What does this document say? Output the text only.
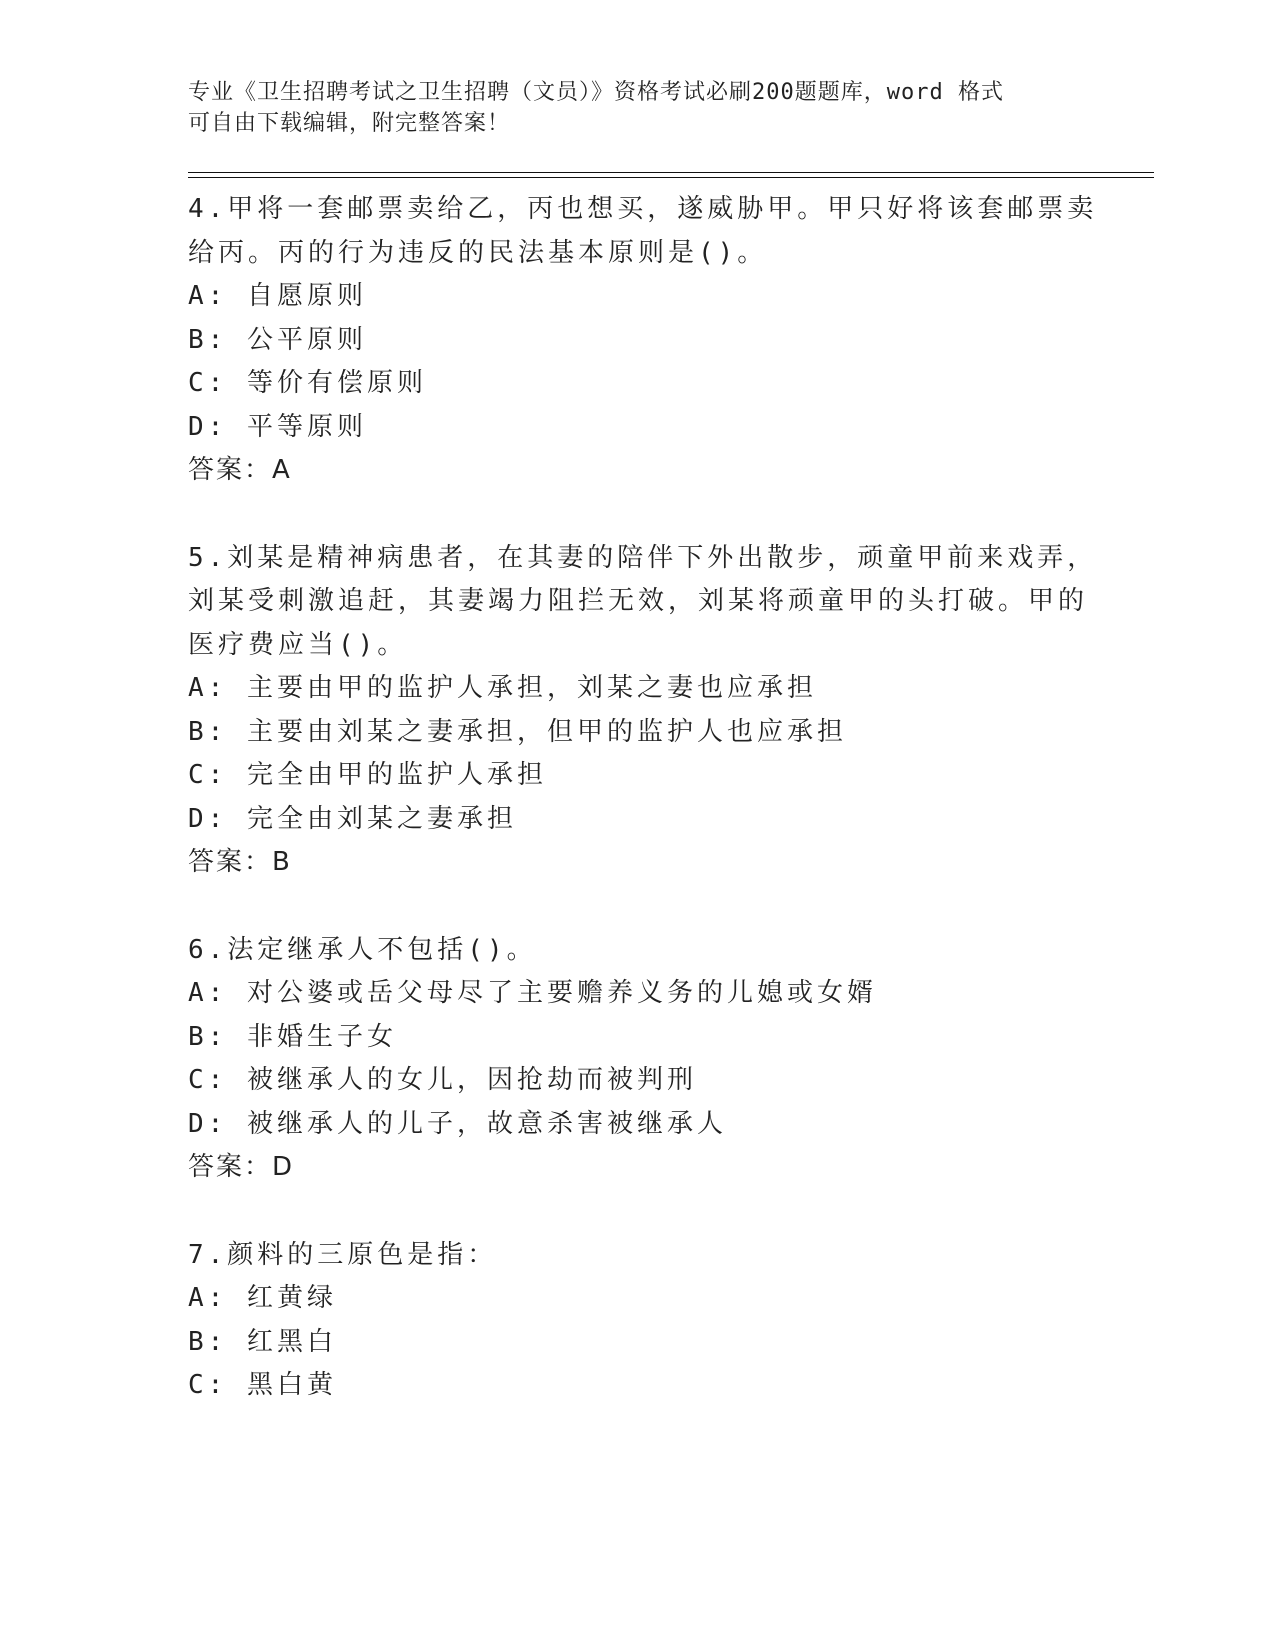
专业《卫生招聘考试之卫生招聘（文员）》资格考试必刷200题题库，word 格式
可自由下载编辑，附完整答案！
4.甲将一套邮票卖给乙，丙也想买，遂威胁甲。甲只好将该套邮票卖
给丙。丙的行为违反的民法基本原则是()。
A: 自愿原则
B: 公平原则
C: 等价有偿原则
D: 平等原则
答案：A
5.刘某是精神病患者，在其妻的陪伴下外出散步，顽童甲前来戏弄，
刘某受刺激追赶，其妻竭力阻拦无效，刘某将顽童甲的头打破。甲的
医疗费应当()。
A: 主要由甲的监护人承担，刘某之妻也应承担
B: 主要由刘某之妻承担，但甲的监护人也应承担
C: 完全由甲的监护人承担
D: 完全由刘某之妻承担
答案：B
6.法定继承人不包括()。
A: 对公婆或岳父母尽了主要赡养义务的儿媳或女婿
B: 非婚生子女
C: 被继承人的女儿，因抢劫而被判刑
D: 被继承人的儿子，故意杀害被继承人
答案：D
7.颜料的三原色是指：
A: 红黄绿
B: 红黑白
C: 黑白黄
